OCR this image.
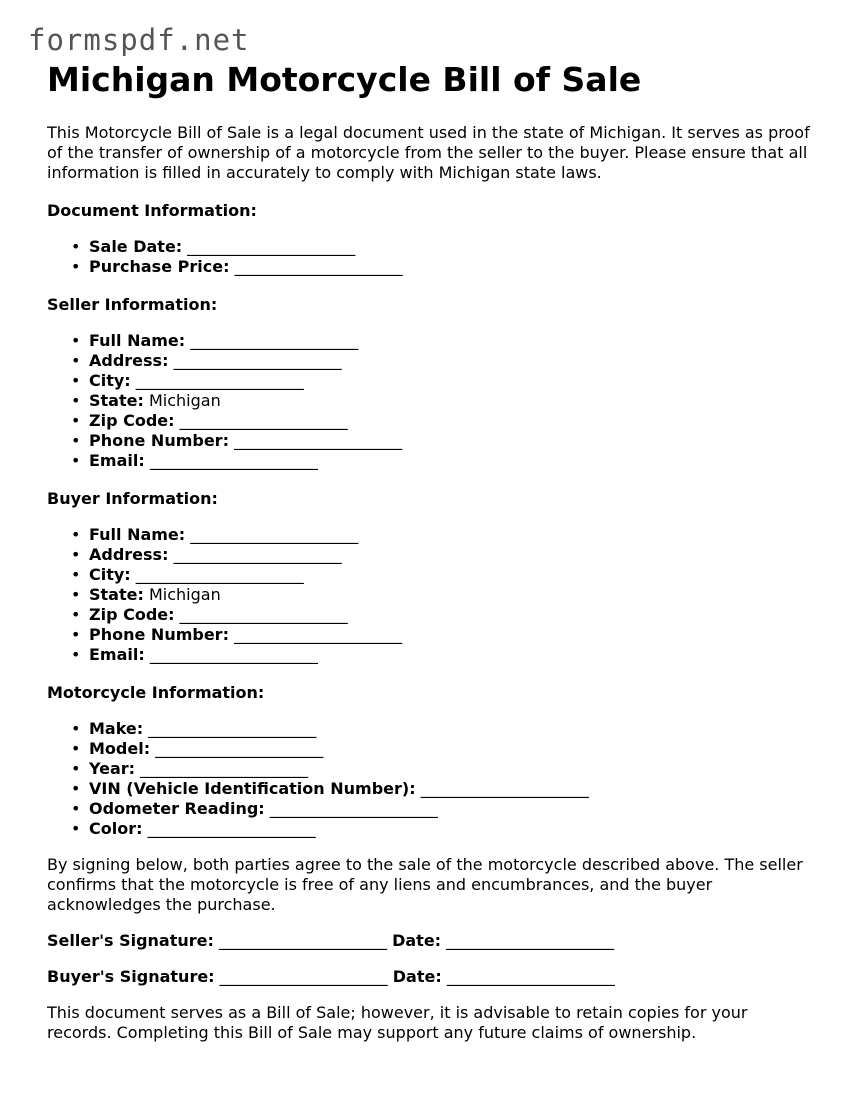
formspdf.net
Michigan Motorcycle Bill of Sale

This Motorcycle Bill of Sale is a legal document used in the state of Michigan. It serves as proof of the transfer of ownership of a motorcycle from the seller to the buyer. Please ensure that all information is filled in accurately to comply with Michigan state laws.

Document Information:
• Sale Date: _____________________
• Purchase Price: _____________________
Seller Information:
• Full Name: _____________________
• Address: _____________________
• City: _____________________
• State: Michigan
• Zip Code: _____________________
• Phone Number: _____________________
• Email: _____________________
Buyer Information:
• Full Name: _____________________
• Address: _____________________
• City: _____________________
• State: Michigan
• Zip Code: _____________________
• Phone Number: _____________________
• Email: _____________________
Motorcycle Information:
• Make: _____________________
• Model: _____________________
• Year: _____________________
• VIN (Vehicle Identification Number): _____________________
• Odometer Reading: _____________________
• Color: _____________________

By signing below, both parties agree to the sale of the motorcycle described above. The seller confirms that the motorcycle is free of any liens and encumbrances, and the buyer acknowledges the purchase.

Seller's Signature: _____________________ Date: _____________________
Buyer's Signature: _____________________ Date: _____________________

This document serves as a Bill of Sale; however, it is advisable to retain copies for your records. Completing this Bill of Sale may support any future claims of ownership.
